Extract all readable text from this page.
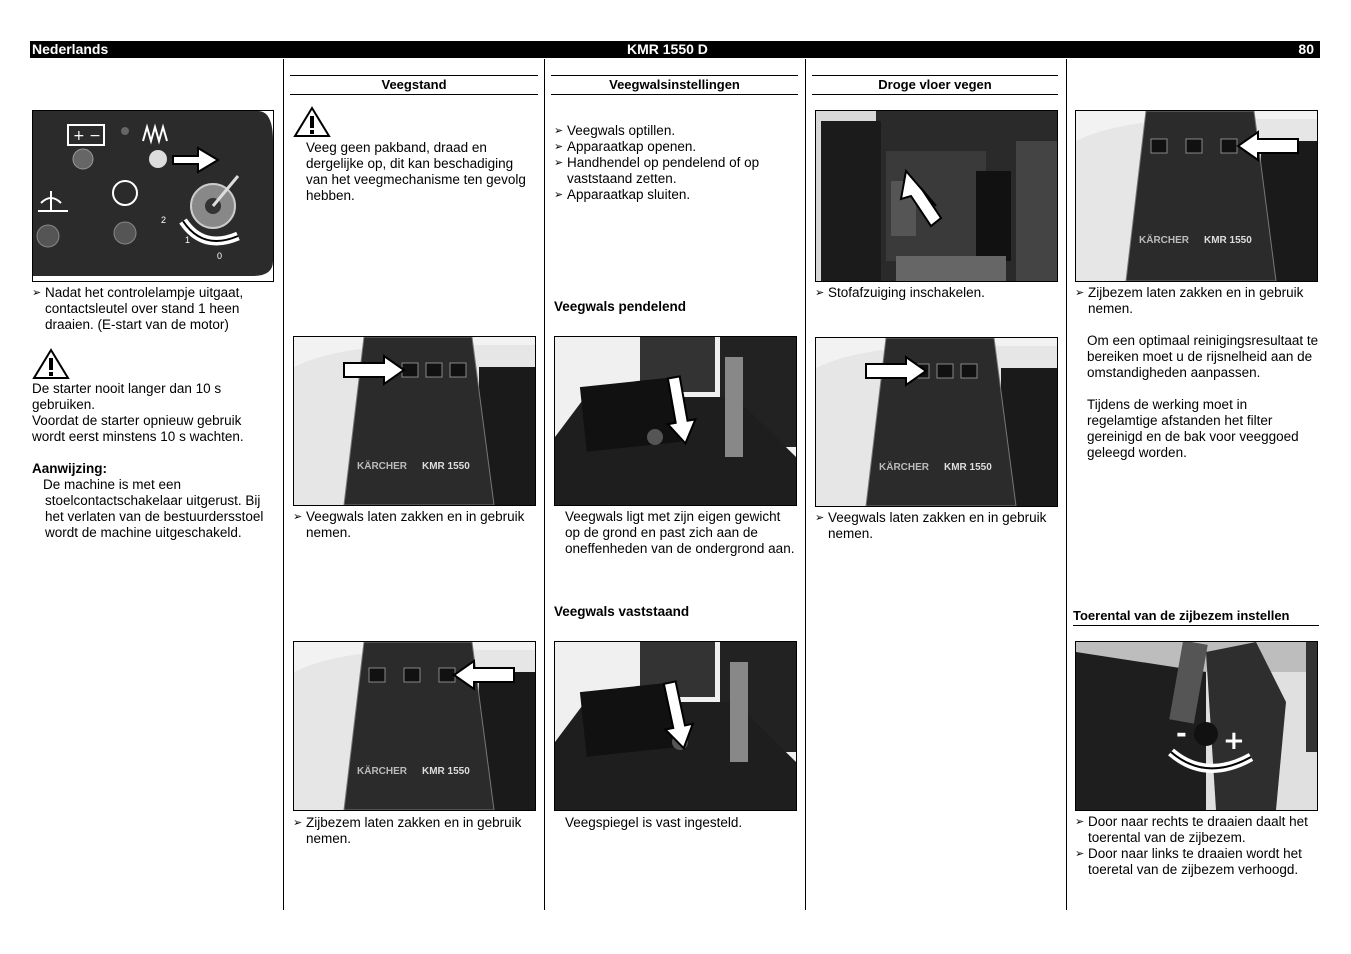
Nederlands	KMR 1550 D	80
+ −
2
1
0
➢ Nadat het controlelampje uitgaat, contactsleutel over stand 1 heen draaien. (E-start van de motor)
De starter nooit langer dan 10 s gebruiken.
Voordat de starter opnieuw gebruik wordt eerst minstens 10 s wachten.
Aanwijzing:
De machine is met een stoelcontactschakelaar uitgerust. Bij het verlaten van de bestuurdersstoel wordt de machine uitgeschakeld.
Veegstand
Veeg geen pakband, draad en dergelijke op, dit kan beschadiging van het veegmechanisme ten gevolg hebben.
KÄRCHER KMR 1550
➢ Veegwals laten zakken en in gebruik nemen.
KÄRCHER KMR 1550
➢ Zijbezem laten zakken en in gebruik nemen.
Veegwalsinstellingen
➢ Veegwals optillen.
➢ Apparaatkap openen.
➢ Handhendel op pendelend of op vaststaand zetten.
➢ Apparaatkap sluiten.
Veegwals pendelend
Veegwals ligt met zijn eigen gewicht op de grond en past zich aan de oneffenheden van de ondergrond aan.
Veegwals vaststaand
Veegspiegel is vast ingesteld.
Droge vloer vegen
➢ Stofafzuiging inschakelen.
KÄRCHER KMR 1550
➢ Veegwals laten zakken en in gebruik nemen.
KÄRCHER KMR 1550
➢ Zijbezem laten zakken en in gebruik nemen.
Om een optimaal reinigingsresultaat te bereiken moet u de rijsnelheid aan de omstandigheden aanpassen.
Tijdens de werking moet in regelamtige afstanden het filter gereinigd en de bak voor veeggoed geleegd worden.
Toerental van de zijbezem instellen
- +
➢ Door naar rechts te draaien daalt het toerental van de zijbezem.
➢ Door naar links te draaien wordt het toeretal van de zijbezem verhoogd.
